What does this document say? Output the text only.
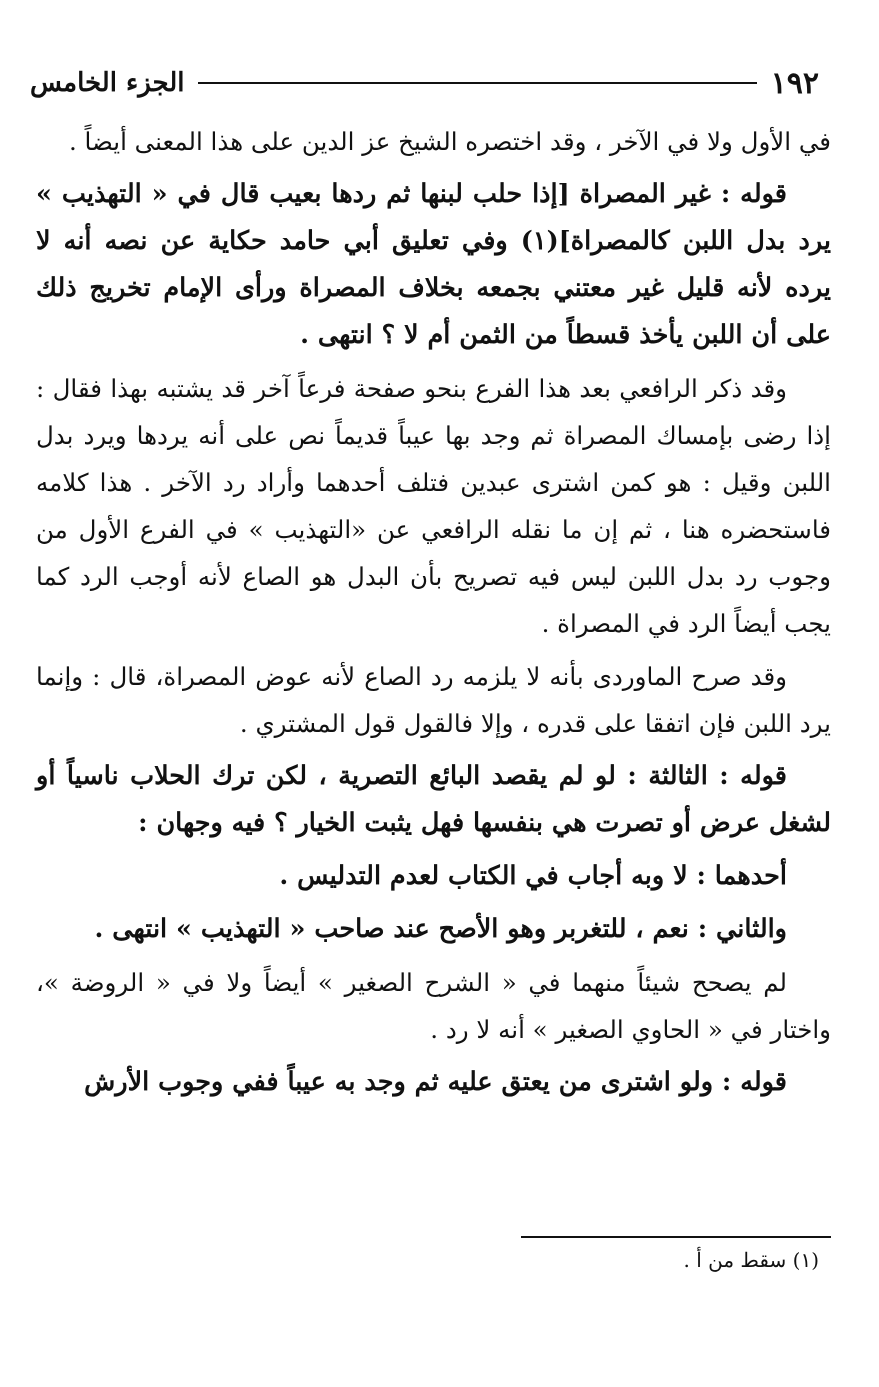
١٩٢
الجزء الخامس

في الأول ولا في الآخر ، وقد اختصره الشيخ عز الدين على هذا المعنى أيضاً .

قوله : غير المصراة [إذا حلب لبنها ثم ردها بعيب قال في « التهذيب » يرد بدل اللبن كالمصراة](١) وفي تعليق أبي حامد حكاية عن نصه أنه لا يرده لأنه قليل غير معتني بجمعه بخلاف المصراة ورأى الإمام تخريج ذلك على أن اللبن يأخذ قسطاً من الثمن أم لا ؟ انتهى .

وقد ذكر الرافعي بعد هذا الفرع بنحو صفحة فرعاً آخر قد يشتبه بهذا فقال : إذا رضى بإمساك المصراة ثم وجد بها عيباً قديماً نص على أنه يردها ويرد بدل اللبن وقيل : هو كمن اشترى عبدين فتلف أحدهما وأراد رد الآخر . هذا كلامه فاستحضره هنا ، ثم إن ما نقله الرافعي عن «التهذيب » في الفرع الأول من وجوب رد بدل اللبن ليس فيه تصريح بأن البدل هو الصاع لأنه أوجب الرد كما يجب أيضاً الرد في المصراة .

وقد صرح الماوردى بأنه لا يلزمه رد الصاع لأنه عوض المصراة، قال : وإنما يرد اللبن فإن اتفقا على قدره ، وإلا فالقول قول المشتري .

قوله : الثالثة : لو لم يقصد البائع التصرية ، لكن ترك الحلاب ناسياً أو لشغل عرض أو تصرت هي بنفسها فهل يثبت الخيار ؟ فيه وجهان :

أحدهما : لا وبه أجاب في الكتاب لعدم التدليس .

والثاني : نعم ، للتغربر وهو الأصح عند صاحب « التهذيب » انتهى .

لم يصحح شيئاً منهما في « الشرح الصغير » أيضاً ولا في « الروضة »، واختار في « الحاوي الصغير » أنه لا رد .

قوله : ولو اشترى من يعتق عليه ثم وجد به عيباً ففي وجوب الأرش

(١) سقط من أ .
